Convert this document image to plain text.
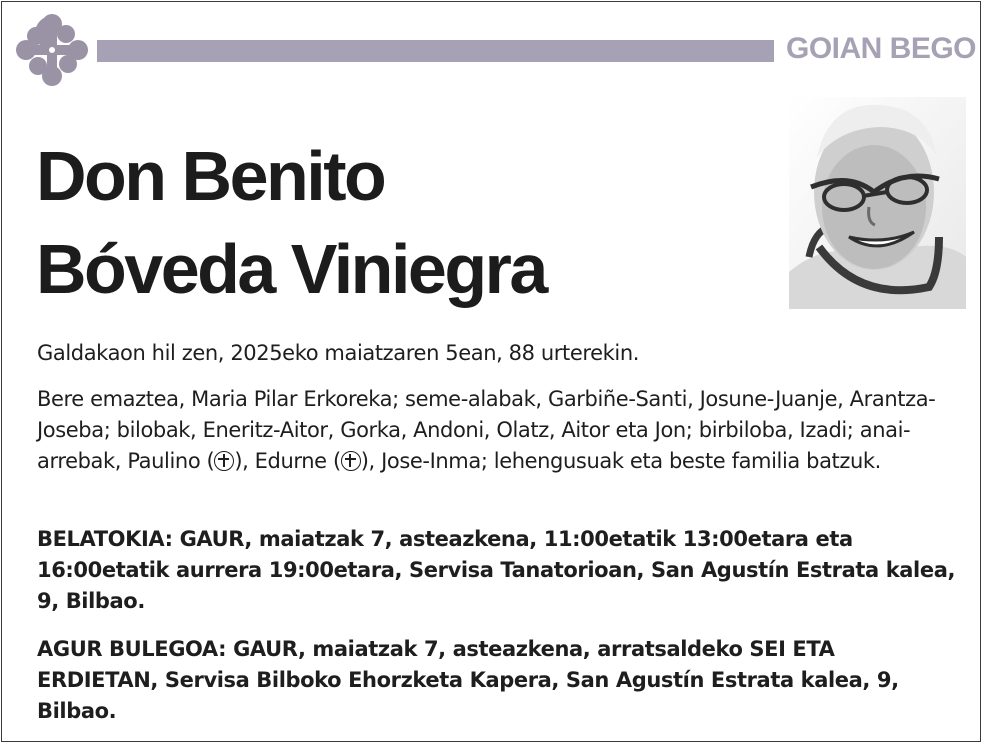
GOIAN BEGO
Don Benito
Bóveda Viniegra
Galdakaon hil zen, 2025eko maiatzaren 5ean, 88 urterekin.
Bere emaztea, Maria Pilar Erkoreka; seme-alabak, Garbiñe-Santi, Josune-Juanje, Arantza-Joseba; bilobak, Eneritz-Aitor, Gorka, Andoni, Olatz, Aitor eta Jon; birbiloba, Izadi; anai-arrebak, Paulino ( ), Edurne ( ), Jose-Inma; lehengusuak eta beste familia batzuk.
BELATOKIA: GAUR, maiatzak 7, asteazkena, 11:00etatik 13:00etara eta 16:00etatik aurrera 19:00etara, Servisa Tanatorioan, San Agustín Estrata kalea, 9, Bilbao.
AGUR BULEGOA: GAUR, maiatzak 7, asteazkena, arratsaldeko SEI ETA ERDIETAN, Servisa Bilboko Ehorzketa Kapera, San Agustín Estrata kalea, 9, Bilbao.
